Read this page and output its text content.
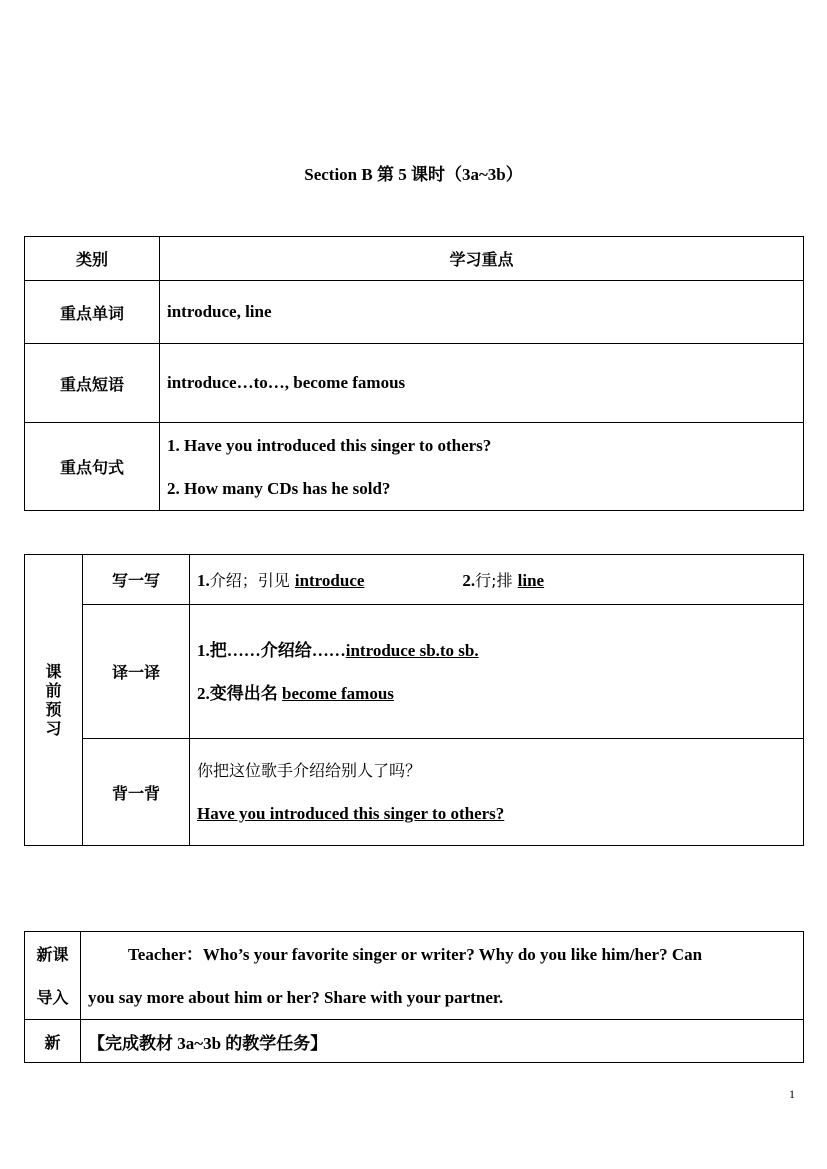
Section B 第 5 课时（3a~3b）
类别	学习重点
重点单词	introduce, line
重点短语	introduce…to…, become famous
重点句式	1. Have you introduced this singer to others?
2. How many CDs has he sold?
课
前
预
习	写一写	1.介绍；引见 introduce 2.行;排 line
	译一译	1.把……介绍给……introduce sb.to sb.
2.变得出名 become famous

	背一背	你把这位歌手介绍给别人了吗？
Have you introduced this singer to others?
新课
导入	Teacher：Who’s your favorite singer or writer? Why do you like him/her? Can
you say more about him or her? Share with your partner.

新	【完成教材 3a~3b 的教学任务】
1
